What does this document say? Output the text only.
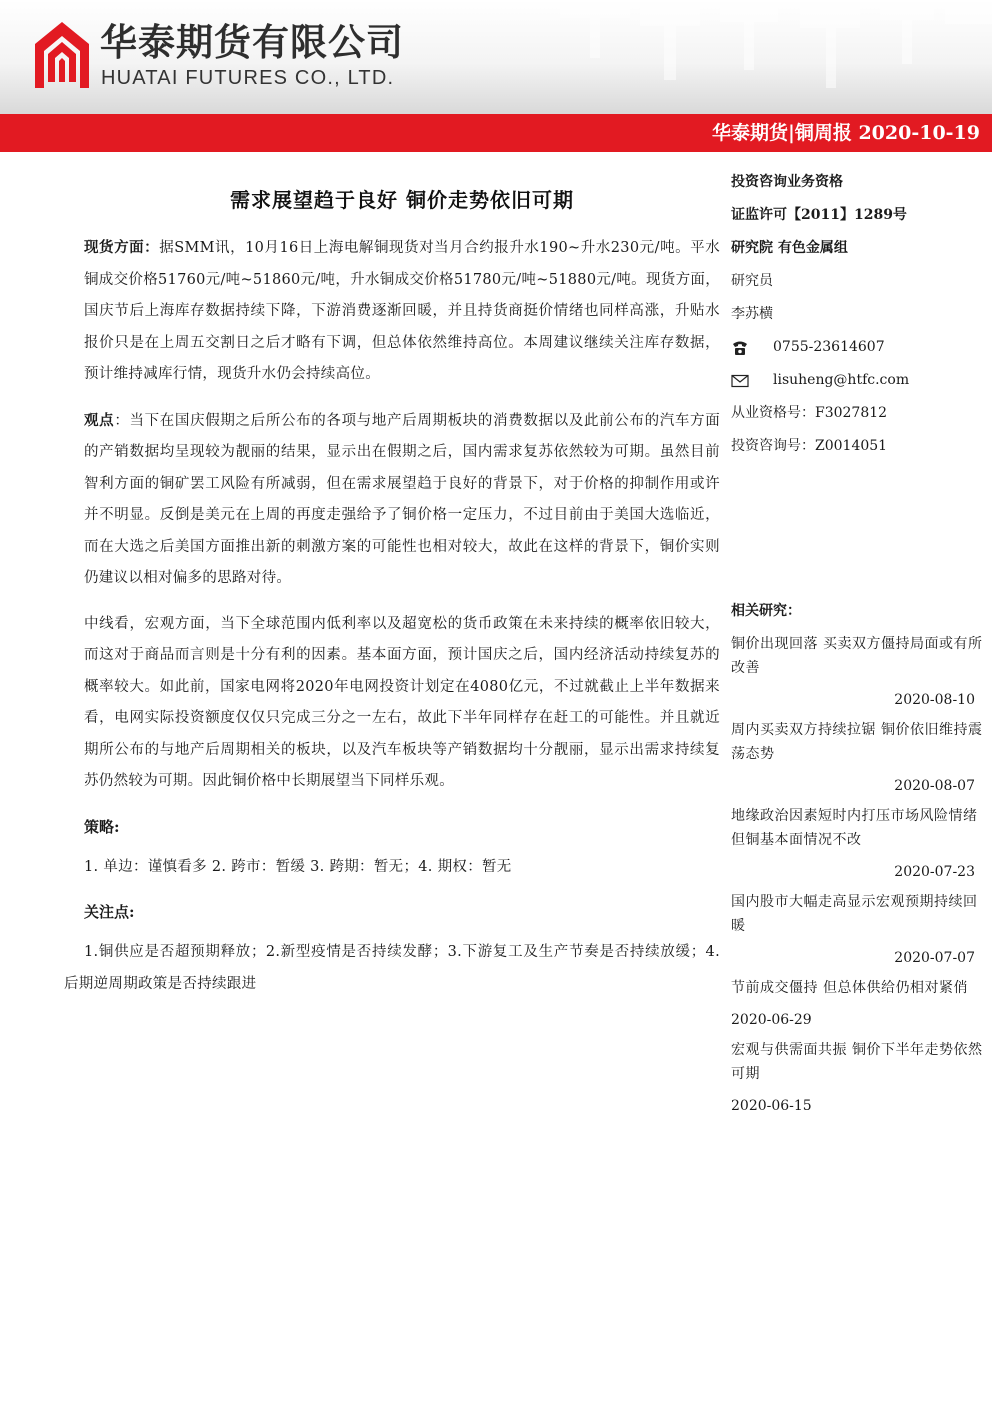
华泰期货有限公司

HUATAI FUTURES CO., LTD.

华泰期货|铜周报 2020-10-19

需求展望趋于良好 铜价走势依旧可期

现货方面：据SMM讯，10月16日上海电解铜现货对当月合约报升水190~升水230元/吨。平水铜成交价格51760元/吨~51860元/吨，升水铜成交价格51780元/吨~51880元/吨。现货方面，国庆节后上海库存数据持续下降，下游消费逐渐回暖，并且持货商挺价情绪也同样高涨，升贴水报价只是在上周五交割日之后才略有下调，但总体依然维持高位。本周建议继续关注库存数据，预计维持减库行情，现货升水仍会持续高位。

观点：当下在国庆假期之后所公布的各项与地产后周期板块的消费数据以及此前公布的汽车方面的产销数据均呈现较为靓丽的结果，显示出在假期之后，国内需求复苏依然较为可期。虽然目前智利方面的铜矿罢工风险有所减弱，但在需求展望趋于良好的背景下，对于价格的抑制作用或许并不明显。反倒是美元在上周的再度走强给予了铜价格一定压力，不过目前由于美国大选临近，而在大选之后美国方面推出新的刺激方案的可能性也相对较大，故此在这样的背景下，铜价实则仍建议以相对偏多的思路对待。

中线看，宏观方面，当下全球范围内低利率以及超宽松的货币政策在未来持续的概率依旧较大，而这对于商品而言则是十分有利的因素。基本面方面，预计国庆之后，国内经济活动持续复苏的概率较大。如此前，国家电网将2020年电网投资计划定在4080亿元，不过就截止上半年数据来看，电网实际投资额度仅仅只完成三分之一左右，故此下半年同样存在赶工的可能性。并且就近期所公布的与地产后周期相关的板块，以及汽车板块等产销数据均十分靓丽，显示出需求持续复苏仍然较为可期。因此铜价格中长期展望当下同样乐观。

策略:

1. 单边：谨慎看多 2. 跨市：暂缓 3. 跨期：暂无；4. 期权：暂无

关注点:

1.铜供应是否超预期释放；2.新型疫情是否持续发酵；3.下游复工及生产节奏是否持续放缓；4. 后期逆周期政策是否持续跟进

投资咨询业务资格

证监许可【2011】1289号

研究院 有色金属组

研究员

李苏横

0755-23614607
lisuheng@htfc.com

从业资格号：F3027812

投资咨询号：Z0014051

相关研究：

铜价出现回落 买卖双方僵持局面或有所改善

2020-08-10

周内买卖双方持续拉锯 铜价依旧维持震荡态势

2020-08-07

地缘政治因素短时内打压市场风险情绪 但铜基本面情况不改

2020-07-23

国内股市大幅走高显示宏观预期持续回暖

2020-07-07

节前成交僵持 但总体供给仍相对紧俏

2020-06-29

宏观与供需面共振 铜价下半年走势依然可期

2020-06-15
